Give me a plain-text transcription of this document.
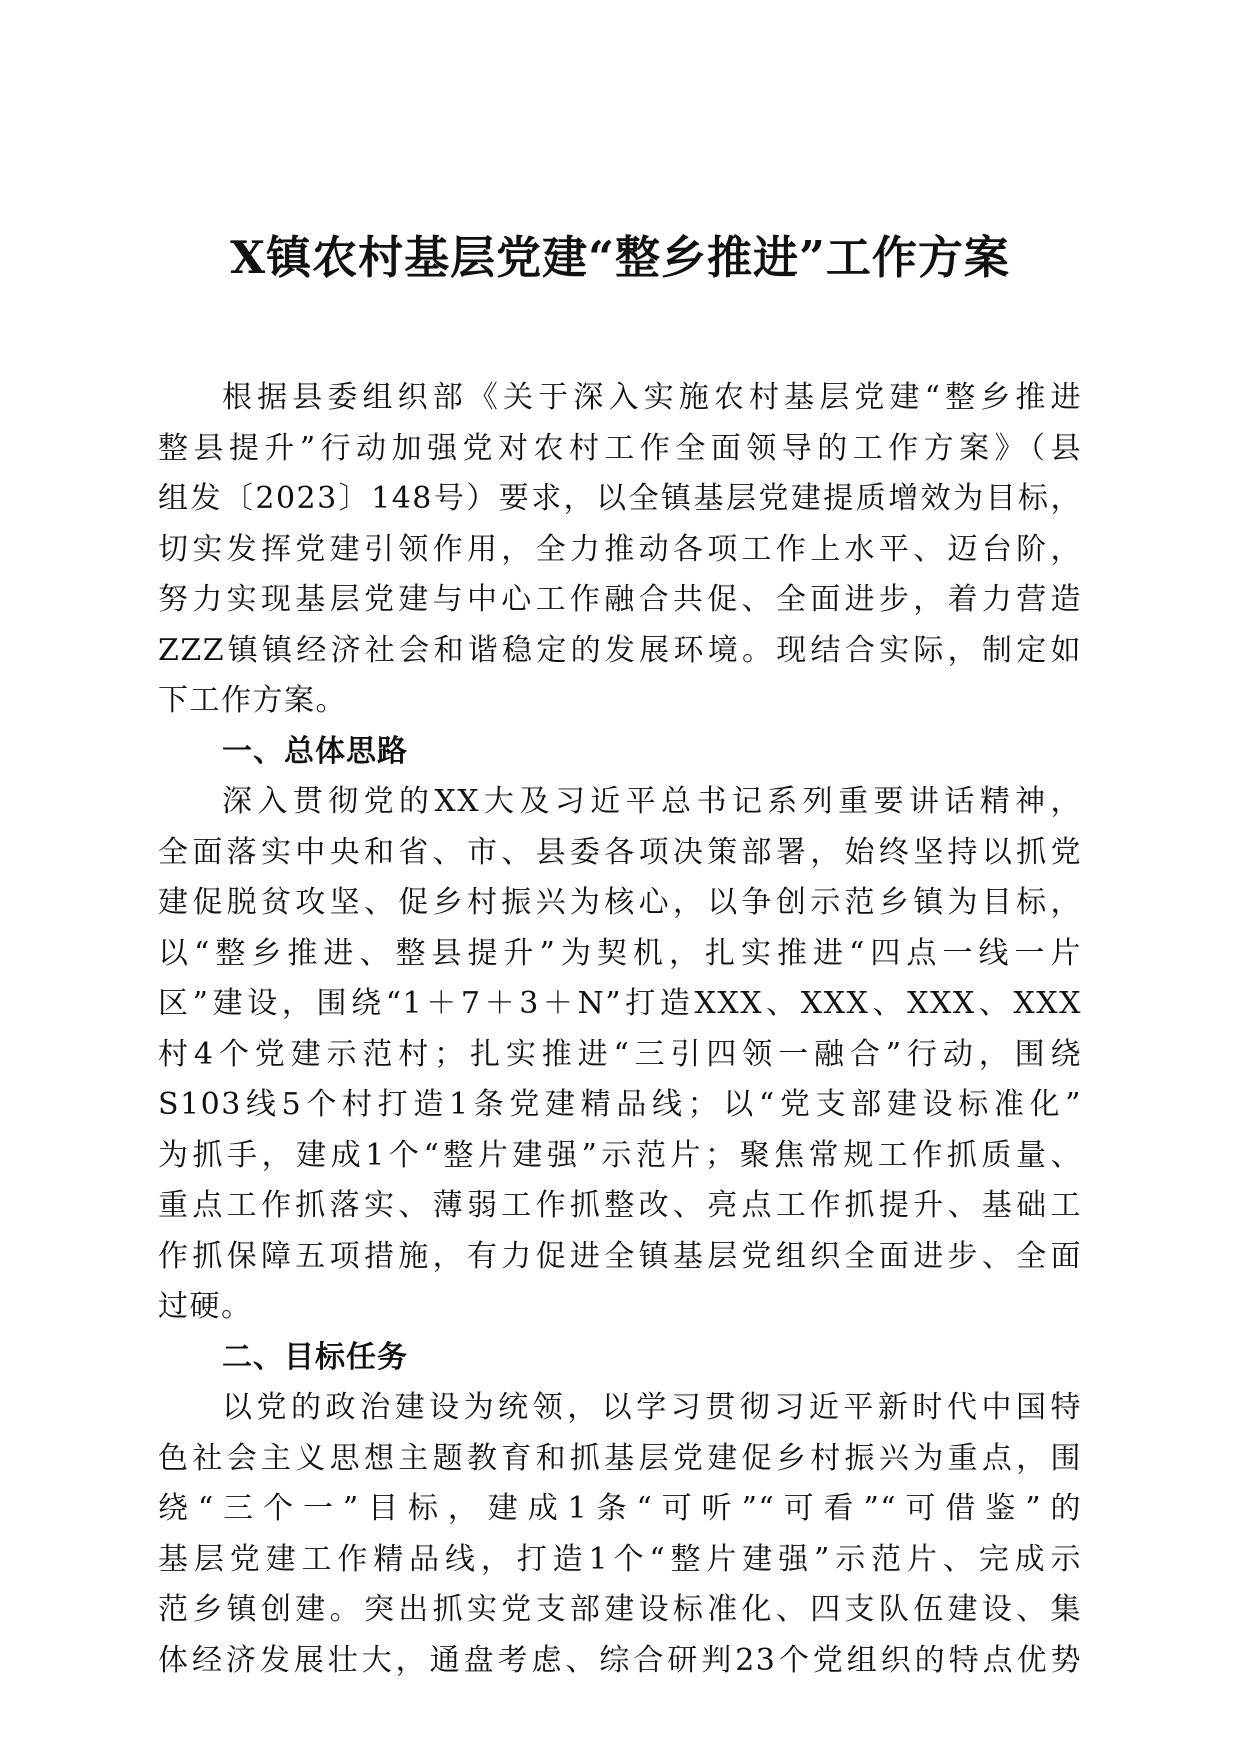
X镇农村基层党建“整乡推进”工作方案
根据县委组织部《关于深入实施农村基层党建“整乡推进
整县提升”行动加强党对农村工作全面领导的工作方案》（县
组发〔2023〕148号）要求，以全镇基层党建提质增效为目标，
切实发挥党建引领作用，全力推动各项工作上水平、迈台阶，
努力实现基层党建与中心工作融合共促、全面进步，着力营造
ZZZ镇镇经济社会和谐稳定的发展环境。现结合实际，制定如
下工作方案。
一、总体思路
深入贯彻党的XX大及习近平总书记系列重要讲话精神，
全面落实中央和省、市、县委各项决策部署，始终坚持以抓党
建促脱贫攻坚、促乡村振兴为核心，以争创示范乡镇为目标，
以“整乡推进、整县提升”为契机，扎实推进“四点一线一片
区”建设，围绕“1＋7＋3＋N”打造XXX、XXX、XXX、XXX
村4个党建示范村；扎实推进“三引四领一融合”行动，围绕
S103线5个村打造1条党建精品线；以“党支部建设标准化”
为抓手，建成1个“整片建强”示范片；聚焦常规工作抓质量、
重点工作抓落实、薄弱工作抓整改、亮点工作抓提升、基础工
作抓保障五项措施，有力促进全镇基层党组织全面进步、全面
过硬。
二、目标任务
以党的政治建设为统领，以学习贯彻习近平新时代中国特
色社会主义思想主题教育和抓基层党建促乡村振兴为重点，围
绕“三个一”目标，建成1条“可听”“可看”“可借鉴”的
基层党建工作精品线，打造1个“整片建强”示范片、完成示
范乡镇创建。突出抓实党支部建设标准化、四支队伍建设、集
体经济发展壮大，通盘考虑、综合研判23个党组织的特点优势
